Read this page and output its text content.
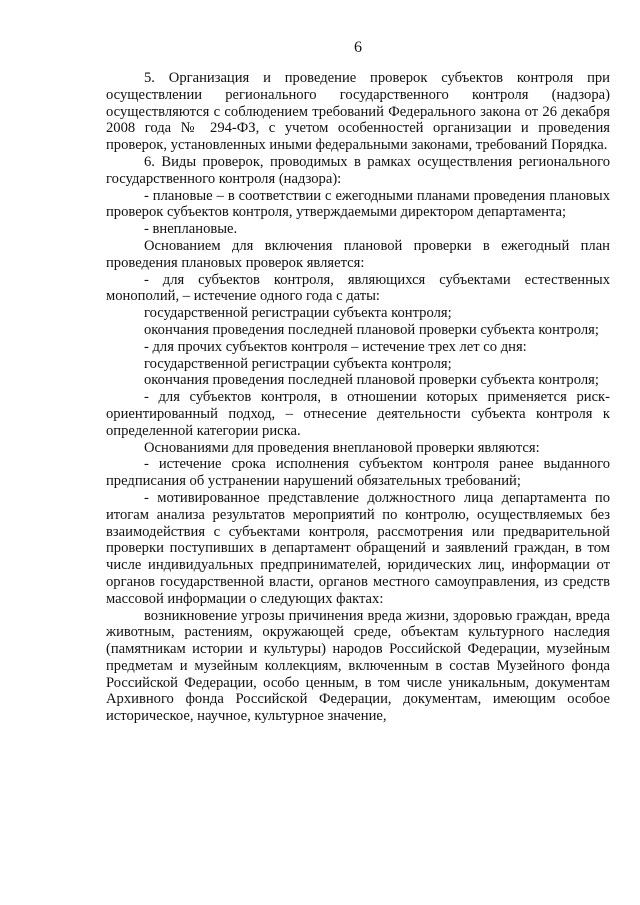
6

5. Организация и проведение проверок субъектов контроля при осуществлении регионального государственного контроля (надзора) осуществляются с соблюдением требований Федерального закона от 26 декабря 2008 года № 294-ФЗ, с учетом особенностей организации и проведения проверок, установленных иными федеральными законами, требований Порядка.

6. Виды проверок, проводимых в рамках осуществления регионального государственного контроля (надзора):

- плановые – в соответствии с ежегодными планами проведения плановых проверок субъектов контроля, утверждаемыми директором департамента;

- внеплановые.

Основанием для включения плановой проверки в ежегодный план проведения плановых проверок является:

- для субъектов контроля, являющихся субъектами естественных монополий, – истечение одного года с даты:

государственной регистрации субъекта контроля;

окончания проведения последней плановой проверки субъекта контроля;

- для прочих субъектов контроля – истечение трех лет со дня:

государственной регистрации субъекта контроля;

окончания проведения последней плановой проверки субъекта контроля;

- для субъектов контроля, в отношении которых применяется риск-ориентированный подход, – отнесение деятельности субъекта контроля к определенной категории риска.

Основаниями для проведения внеплановой проверки являются:

- истечение срока исполнения субъектом контроля ранее выданного предписания об устранении нарушений обязательных требований;

- мотивированное представление должностного лица департамента по итогам анализа результатов мероприятий по контролю, осуществляемых без взаимодействия с субъектами контроля, рассмотрения или предварительной проверки поступивших в департамент обращений и заявлений граждан, в том числе индивидуальных предпринимателей, юридических лиц, информации от органов государственной власти, органов местного самоуправления, из средств массовой информации о следующих фактах:

возникновение угрозы причинения вреда жизни, здоровью граждан, вреда животным, растениям, окружающей среде, объектам культурного наследия (памятникам истории и культуры) народов Российской Федерации, музейным предметам и музейным коллекциям, включенным в состав Музейного фонда Российской Федерации, особо ценным, в том числе уникальным, документам Архивного фонда Российской Федерации, документам, имеющим особое историческое, научное, культурное значение,
